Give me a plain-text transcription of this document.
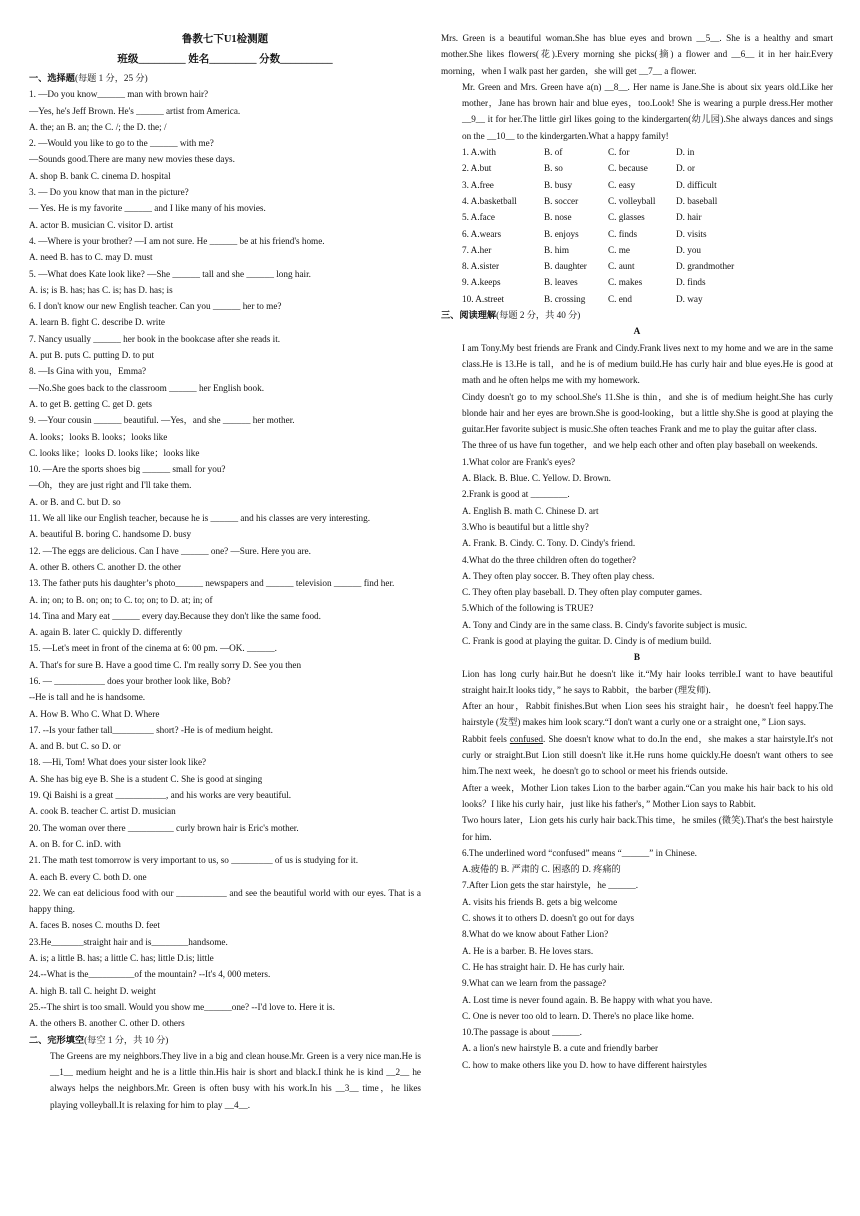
鲁教七下U1检测题
班级_________ 姓名_________ 分数__________
一、选择题(每题 1 分，25 分)
1. —Do you know______ man with brown hair?
—Yes, he's Jeff Brown. He's ______ artist from America.
A. the; an B. an; the C. /; the D. the; /
2. —Would you like to go to the ______ with me?
—Sounds good.There are many new movies these days.
A. shop B. bank C. cinema D. hospital
3. — Do you know that man in the picture?
— Yes. He is my favorite ______ and I like many of his movies.
A. actor B. musician C. visitor D. artist
4. —Where is your brother? —I am not sure. He ______ be at his friend's home.
A. need B. has to C. may D. must
5. —What does Kate look like? —She ______ tall and she ______ long hair.
A. is; is B. has; has C. is; has D. has; is
6. I don't know our new English teacher. Can you ______ her to me?
A. learn B. fight C. describe D. write
7. Nancy usually ______ her book in the bookcase after she reads it.
A. put B. puts C. putting D. to put
8. —Is Gina with you，Emma?
—No.She goes back to the classroom ______ her English book.
A. to get B. getting C. get D. gets
9. —Your cousin ______ beautiful. —Yes，and she ______ her mother.
A. looks；looks B. looks；looks like
C. looks like；looks D. looks like；looks like
10. —Are the sports shoes big ______ small for you?
—Oh，they are just right and I'll take them.
A. or B. and C. but D. so
11. We all like our English teacher, because he is ______ and his classes are very interesting.
A. beautiful B. boring C. handsome D. busy
12. —The eggs are delicious. Can I have ______ one? —Sure. Here you are.
A. other B. others C. another D. the other
13. The father puts his daughter’s photo______ newspapers and ______ television ______ find her.
A. in; on; to B. on; on; to C. to; on; to D. at; in; of
14. Tina and Mary eat ______ every day.Because they don't like the same food.
A. again B. later C. quickly D. differently
15. —Let's meet in front of the cinema at 6: 00 pm. —OK. ______.
A. That's for sure B. Have a good time C. I'm really sorry D. See you then
16. — ___________ does your brother look like, Bob?
--He is tall and he is handsome.
A. How B. Who C. What D. Where
17. --Is your father tall_________ short? -He is of medium height.
A. and B. but C. so D. or
18. —Hi, Tom! What does your sister look like?
A. She has big eye B. She is a student C. She is good at singing
19. Qi Baishi is a great ___________, and his works are very beautiful.
A. cook B. teacher C. artist D. musician
20. The woman over there __________ curly brown hair is Eric's mother.
A. on B. for C. inD. with
21. The math test tomorrow is very important to us, so _________ of us is studying for it.
A. each B. every C. both D. one
22. We can eat delicious food with our ___________ and see the beautiful world with our eyes. That is a happy thing.
A. faces B. noses C. mouths D. feet
23.He_______straight hair and is________handsome.
A. is; a little B. has; a little C. has; little D.is; little
24.--What is the__________of the mountain? --It's 4, 000 meters.
A. high B. tall C. height D. weight
25.--The shirt is too small. Would you show me______one? --I'd love to. Here it is.
A. the others B. another C. other D. others
二、完形填空(每空 1 分，共 10 分)
The Greens are my neighbors.They live in a big and clean house.Mr. Green is a very nice man.He is __1__ medium height and he is a little thin.His hair is short and black.I think he is kind __2__ he always helps the neighbors.Mr. Green is often busy with his work.In his __3__ time，he likes playing volleyball.It is relaxing for him to play __4__.
Mrs. Green is a beautiful woman.She has blue eyes and brown __5__. She is a healthy and smart mother.She likes flowers(花).Every morning she picks(摘) a flower and __6__ it in her hair.Every morning，when I walk past her garden，she will get __7__ a flower.
Mr. Green and Mrs. Green have a(n) __8__. Her name is Jane.She is about six years old.Like her mother，Jane has brown hair and blue eyes，too.Look! She is wearing a purple dress.Her mother __9__ it for her.The little girl likes going to the kindergarten(幼儿园).She always dances and sings on the __10__ to the kindergarten.What a happy family!
1. A.with	B. of	C. for	D. in
2. A.but	B. so	C. because	D. or
3. A.free	B. busy	C. easy	D. difficult
4. A.basketball	B. soccer	C. volleyball D. baseball
5. A.face	B. nose	C. glasses	D. hair
6. A.wears	B. enjoys	C. finds	D. visits
7. A.her	B. him	C. me	D. you
8. A.sister	B. daughter C. aunt	D. grandmother
9. A.keeps	B. leaves	C. makes	D. finds
10. A.street	B. crossing C. end	D. way
三、阅读理解(每题 2 分，共 40 分)
A
I am Tony.My best friends are Frank and Cindy.Frank lives next to my home and we are in the same class.He is 13.He is tall，and he is of medium build.He has curly hair and blue eyes.He is good at math and he often helps me with my homework.
Cindy doesn't go to my school.She's 11.She is thin，and she is of medium height.She has curly blonde hair and her eyes are brown.She is good-looking，but a little shy.She is good at playing the guitar.Her favorite subject is music.She often teaches Frank and me to play the guitar after class.
The three of us have fun together，and we help each other and often play baseball on weekends.
1.What color are Frank's eyes?
A. Black. B. Blue. C. Yellow. D. Brown.
2.Frank is good at ________.
A. English B. math C. Chinese D. art
3.Who is beautiful but a little shy?
A. Frank. B. Cindy. C. Tony. D. Cindy's friend.
4.What do the three children often do together?
A. They often play soccer. B. They often play chess.
C. They often play baseball. D. They often play computer games.
5.Which of the following is TRUE?
A. Tony and Cindy are in the same class. B. Cindy's favorite subject is music.
C. Frank is good at playing the guitar. D. Cindy is of medium build.
B
Lion has long curly hair.But he doesn't like it.“My hair looks terrible.I want to have beautiful straight hair.It looks tidy，” he says to Rabbit，the barber (理发师).
After an hour，Rabbit finishes.But when Lion sees his straight hair，he doesn't feel happy.The hairstyle (发型) makes him look scary.“I don't want a curly one or a straight one，” Lion says.
Rabbit feels confused. She doesn't know what to do.In the end，she makes a star hairstyle.It's not curly or straight.But Lion still doesn't like it.He runs home quickly.He doesn't want others to see him.The next week，he doesn't go to school or meet his friends outside.
After a week，Mother Lion takes Lion to the barber again.“Can you make his hair back to his old looks？I like his curly hair，just like his father's，” Mother Lion says to Rabbit.
Two hours later，Lion gets his curly hair back.This time，he smiles (微笑).That's the best hairstyle for him.
6.The underlined word “confused” means “______” in Chinese.
A.疲倦的 B. 严肃的 C. 困惑的 D. 疼痛的
7.After Lion gets the star hairstyle，he ______.
A. visits his friends B. gets a big welcome
C. shows it to others D. doesn't go out for days
8.What do we know about Father Lion?
A. He is a barber. B. He loves stars.
C. He has straight hair. D. He has curly hair.
9.What can we learn from the passage?
A. Lost time is never found again. B. Be happy with what you have.
C. One is never too old to learn. D. There's no place like home.
10.The passage is about ______.
A. a lion's new hairstyle B. a cute and friendly barber
C. how to make others like you D. how to have different hairstyles
